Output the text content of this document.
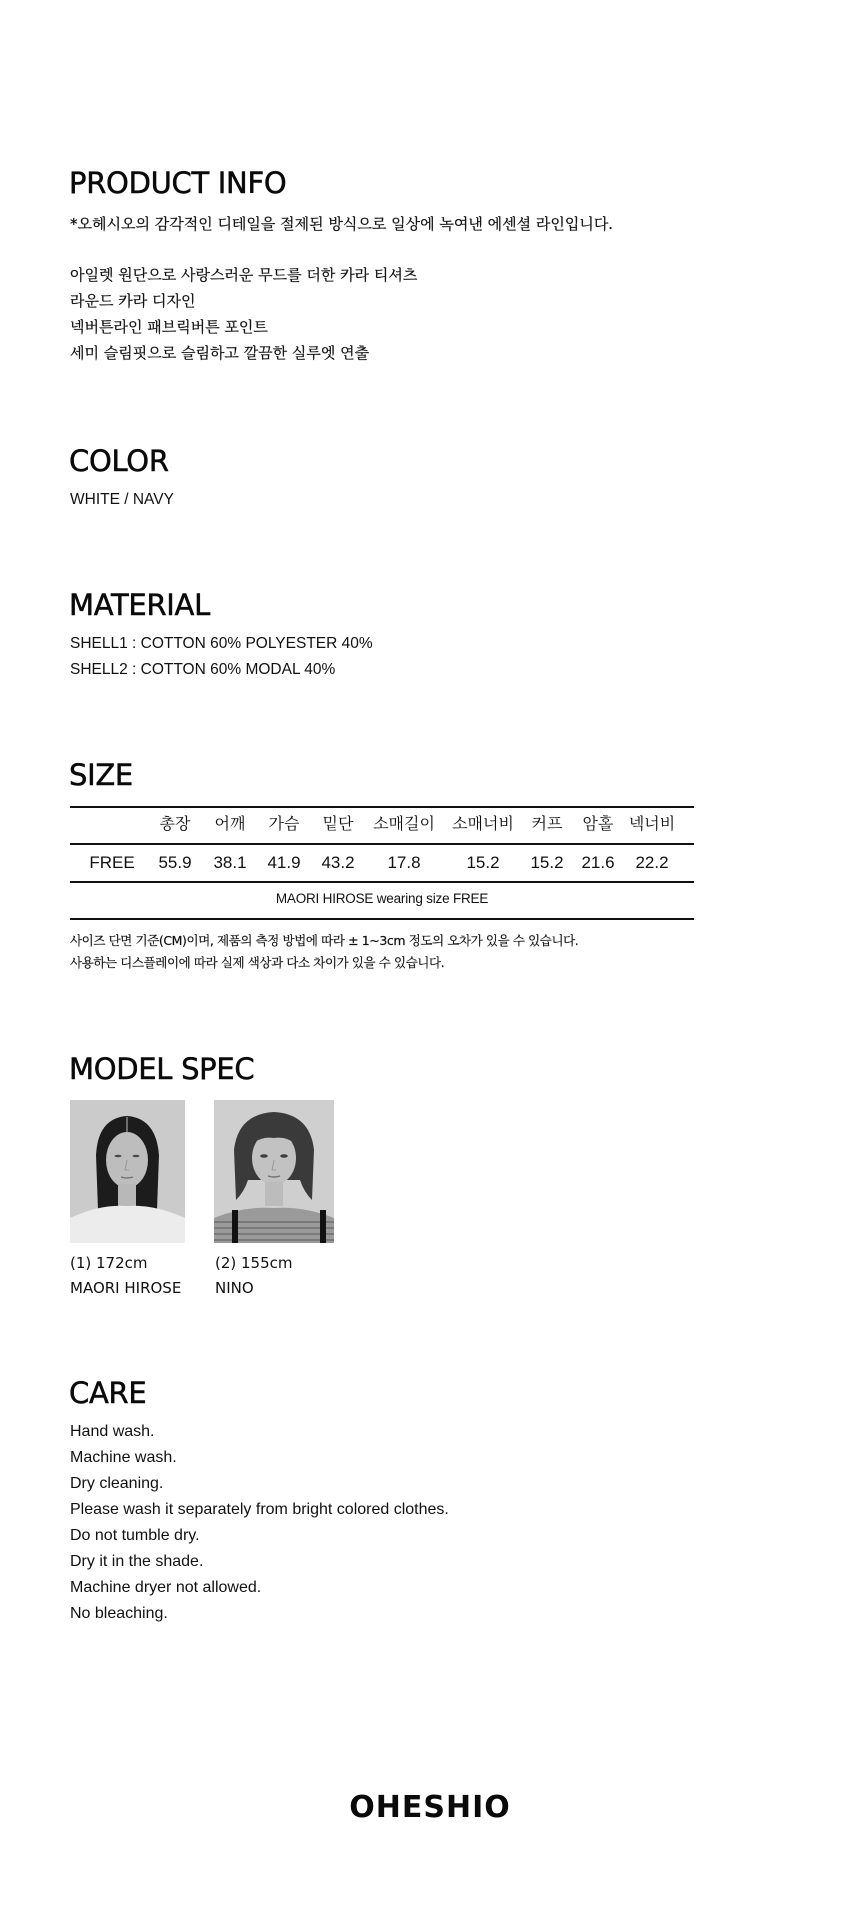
PRODUCT INFO
*오헤시오의 감각적인 디테일을 절제된 방식으로 일상에 녹여낸 에센셜 라인입니다.
아일렛 원단으로 사랑스러운 무드를 더한 카라 티셔츠
라운드 카라 디자인
넥버튼라인 패브릭버튼 포인트
세미 슬림핏으로 슬림하고 깔끔한 실루엣 연출
COLOR
WHITE / NAVY
MATERIAL
SHELL1 : COTTON 60% POLYESTER 40%
SHELL2 : COTTON 60% MODAL 40%
SIZE
총장 어깨 가슴 밑단 소매길이 소매너비 커프 암홀 넥너비
FREE 55.9 38.1 41.9 43.2 17.8	15.2 15.2 21.6 22.2
MAORI HIROSE wearing size FREE
사이즈 단면 기준(CM)이며, 제품의 측정 방법에 따라 ± 1~3cm 정도의 오차가 있을 수 있습니다.
사용하는 디스플레이에 따라 실제 색상과 다소 차이가 있을 수 있습니다.
MODEL SPEC
(1) 172cm
MAORI HIROSE
(2) 155cm
NINO
CARE
Hand wash.
Machine wash.
Dry cleaning.
Please wash it separately from bright colored clothes.
Do not tumble dry.
Dry it in the shade.
Machine dryer not allowed.
No bleaching.
OHESHIO
